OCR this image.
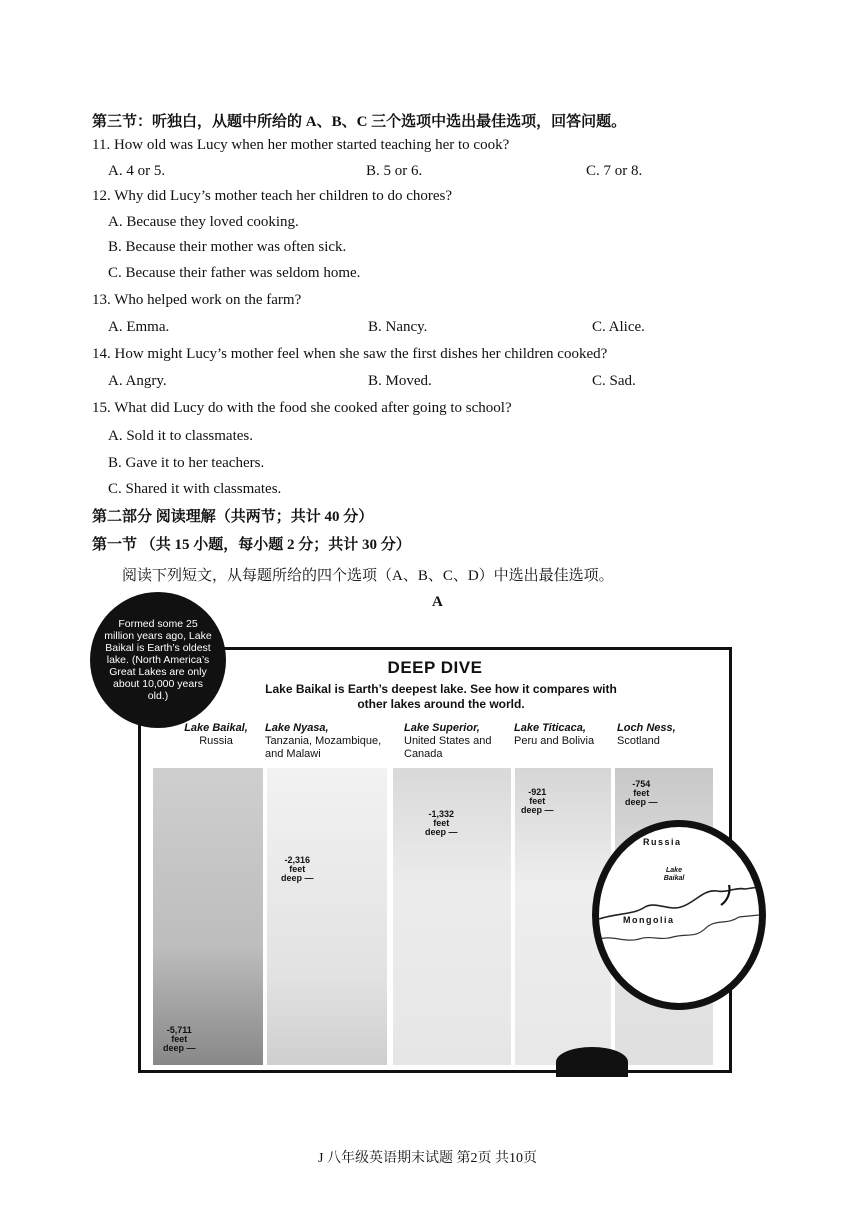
第三节：听独白，从题中所给的 A、B、C 三个选项中选出最佳选项，回答问题。
11. How old was Lucy when her mother started teaching her to cook?
A. 4 or 5.	B. 5 or 6.	C. 7 or 8.
12. Why did Lucy’s mother teach her children to do chores?
A. Because they loved cooking.
B. Because their mother was often sick.
C. Because their father was seldom home.
13. Who helped work on the farm?
A. Emma.	B. Nancy.	C. Alice.
14. How might Lucy’s mother feel when she saw the first dishes her children cooked?
A. Angry.	B. Moved.	C. Sad.
15. What did Lucy do with the food she cooked after going to school?
A. Sold it to classmates.
B. Gave it to her teachers.
C. Shared it with classmates.
第二部分 阅读理解（共两节；共计 40 分）
第一节 （共 15 小题，每小题 2 分；共计 30 分）
阅读下列短文，从每题所给的四个选项（A、B、C、D）中选出最佳选项。
A
Formed some 25 million years ago, Lake Baikal is Earth’s oldest lake. (North America’s Great Lakes are only about 10,000 years old.)
DEEP DIVE
Lake Baikal is Earth’s deepest lake. See how it compares with other lakes around the world.
Lake Baikal,
Russia
Lake Nyasa,
Tanzania, Mozambique, and Malawi
Lake Superior,
United States and Canada
Lake Titicaca,
Peru and Bolivia
Loch Ness,
Scotland
-5,711
feet
deep —
-2,316
feet
deep —
-1,332
feet
deep —
-921
feet
deep —
-754
feet
deep —
Russia
Lake Baikal
Mongolia
J 八年级英语期末试题 第2页 共10页
